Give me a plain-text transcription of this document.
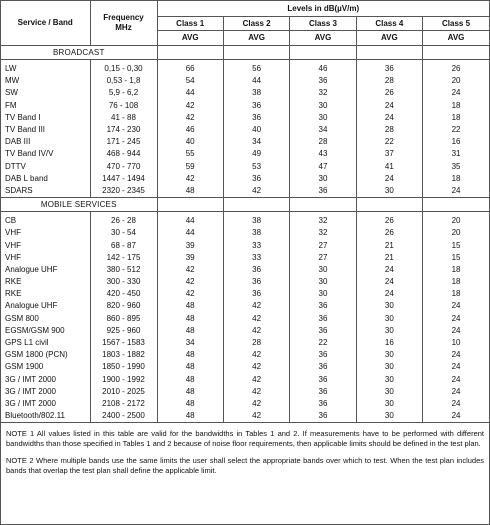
Service / Band	Frequency
MHz	Levels in dB(µV/m)				
		Class 1	Class 2	Class 3	Class 4	Class 5
		AVG	AVG	AVG	AVG	AVG
BROADCAST						
LW	0,15 - 0,30	66	56	46	36	26
MW	0,53 - 1,8	54	44	36	28	20
SW	5,9 - 6,2	44	38	32	26	24
FM	76 - 108	42	36	30	24	18
TV Band I	41 - 88	42	36	30	24	18
TV Band III	174 - 230	46	40	34	28	22
DAB III	171 - 245	40	34	28	22	16
TV Band IV/V	468 - 944	55	49	43	37	31
DTTV	470 - 770	59	53	47	41	35
DAB L band	1447 - 1494	42	36	30	24	18
SDARS	2320 - 2345	48	42	36	30	24
MOBILE SERVICES						
CB	26 - 28	44	38	32	26	20
VHF	30 - 54	44	38	32	26	20
VHF	68 - 87	39	33	27	21	15
VHF	142 - 175	39	33	27	21	15
Analogue UHF	380 - 512	42	36	30	24	18
RKE	300 - 330	42	36	30	24	18
RKE	420 - 450	42	36	30	24	18
Analogue UHF	820 - 960	48	42	36	30	24
GSM 800	860 - 895	48	42	36	30	24
EGSM/GSM 900	925 - 960	48	42	36	30	24
GPS L1 civil	1567 - 1583	34	28	22	16	10
GSM 1800 (PCN)	1803 - 1882	48	42	36	30	24
GSM 1900	1850 - 1990	48	42	36	30	24
3G / IMT 2000	1900 - 1992	48	42	36	30	24
3G / IMT 2000	2010 - 2025	48	42	36	30	24
3G / IMT 2000	2108 - 2172	48	42	36	30	24
Bluetooth/802.11	2400 - 2500	48	42	36	30	24

NOTE 1 All values listed in this table are valid for the bandwidths in Tables 1 and 2. If measurements have to be performed with different bandwidths than those specified in Tables 1 and 2 because of noise floor requirements, then applicable limits should be defined in the test plan.

NOTE 2 Where multiple bands use the same limits the user shall select the appropriate bands over which to test. When the test plan includes bands that overlap the test plan shall define the applicable limit.
